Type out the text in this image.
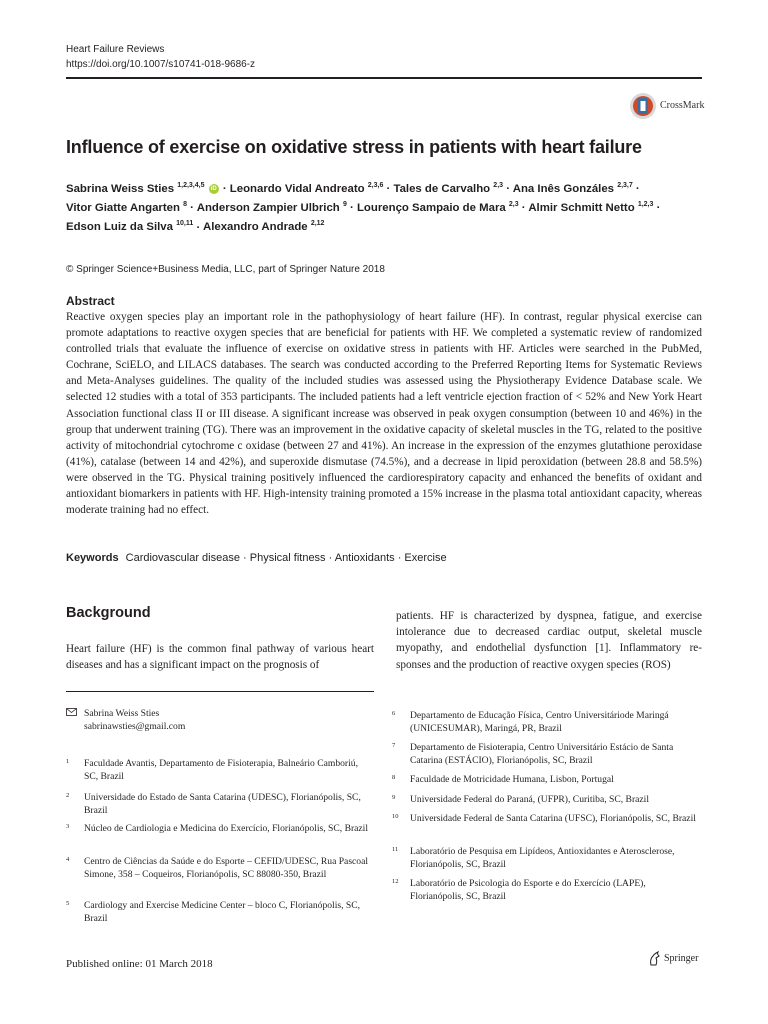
Heart Failure Reviews
https://doi.org/10.1007/s10741-018-9686-z
CrossMark
Influence of exercise on oxidative stress in patients with heart failure
Sabrina Weiss Sties $^{1,2,3,4,5}$ iD · Leonardo Vidal Andreato $^{2,3,6}$ · Tales de Carvalho $^{2,3}$ · Ana Inês Gonzáles $^{2,3,7}$ ·
Vitor Giatte Angarten $^8$ · Anderson Zampier Ulbrich $^9$ · Lourenço Sampaio de Mara $^{2,3}$ · Almir Schmitt Netto $^{1,2,3}$ ·
Edson Luiz da Silva $^{10,11}$ · Alexandro Andrade $^{2,12}$
© Springer Science+Business Media, LLC, part of Springer Nature 2018
Abstract
Reactive oxygen species play an important role in the pathophysiology of heart failure (HF). In contrast, regular physical exercise can promote adaptations to reactive oxygen species that are beneficial for patients with HF. We completed a systematic review of randomized controlled trials that evaluate the influence of exercise on oxidative stress in patients with HF. Articles were searched in the PubMed, Cochrane, SciELO, and LILACS databases. The search was conducted according to the Preferred Reporting Items for Systematic Reviews and Meta-Analyses guidelines. The quality of the included studies was assessed using the Physiotherapy Evidence Database scale. We selected 12 studies with a total of 353 participants. The included patients had a left ventricle ejection fraction of < 52% and New York Heart Association functional class II or III disease. A significant increase was observed in peak oxygen consumption (between 10 and 46%) in the group that underwent training (TG). There was an improvement in the oxidative capacity of skeletal muscles in the TG, related to the positive activity of mitochondrial cytochrome c oxidase (between 27 and 41%). An increase in the expression of the enzymes glutathione peroxidase (41%), catalase (between 14 and 42%), and superoxide dismutase (74.5%), and a decrease in lipid peroxidation (between 28.8 and 58.5%) were observed in the TG. Physical training positively influenced the cardiorespiratory capacity and enhanced the benefits of oxidant and antioxidant biomarkers in patients with HF. High-intensity training promoted a 15% increase in the plasma total antioxidant capacity, whereas moderate training had no effect.
Keywords Cardiovascular disease · Physical fitness · Antioxidants · Exercise
Background
Heart failure (HF) is the common final pathway of various heart diseases and has a significant impact on the prognosis of
patients. HF is characterized by dyspnea, fatigue, and exercise intolerance due to decreased cardiac output, skeletal muscle myopathy, and endothelial dysfunction [1]. Inflammatory re-sponses and the production of reactive oxygen species (ROS)
Sabrina Weiss Sties
sabrinawsties@gmail.com
1 Faculdade Avantis, Departamento de Fisioterapia, Balneário Camboriú, SC, Brazil
2 Universidade do Estado de Santa Catarina (UDESC), Florianópolis, SC, Brazil
3 Núcleo de Cardiologia e Medicina do Exercício, Florianópolis, SC, Brazil
4 Centro de Ciências da Saúde e do Esporte – CEFID/UDESC, Rua Pascoal Simone, 358 – Coqueiros, Florianópolis, SC 88080-350, Brazil
5 Cardiology and Exercise Medicine Center – bloco C, Florianópolis, SC, Brazil
6 Departamento de Educação Física, Centro Universitáriode Maringá (UNICESUMAR), Maringá, PR, Brazil
7 Departamento de Fisioterapia, Centro Universitário Estácio de Santa Catarina (ESTÁCIO), Florianópolis, SC, Brazil
8 Faculdade de Motricidade Humana, Lisbon, Portugal
9 Universidade Federal do Paraná, (UFPR), Curitiba, SC, Brazil
10 Universidade Federal de Santa Catarina (UFSC), Florianópolis, SC, Brazil
11 Laboratório de Pesquisa em Lipídeos, Antioxidantes e Aterosclerose, Florianópolis, SC, Brazil
12 Laboratório de Psicologia do Esporte e do Exercício (LAPE), Florianópolis, SC, Brazil
Published online: 01 March 2018	Springer
